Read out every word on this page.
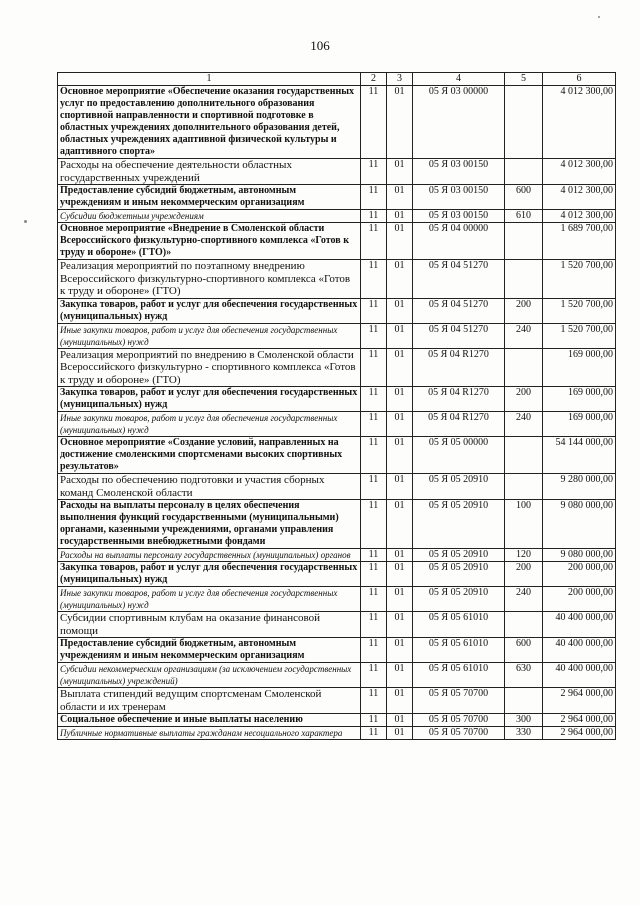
106
1	2	3	4	5	6
Основное мероприятие «Обеспечение оказания государственных услуг по предоставлению дополнительного образования спортивной направленности и спортивной подготовке в областных учреждениях дополнительного образования детей, областных учреждениях адаптивной физической культуры и адаптивного спорта»	11	01	05 Я 03 00000		4 012 300,00
Расходы на обеспечение деятельности областных государственных учреждений	11	01	05 Я 03 00150		4 012 300,00
Предоставление субсидий бюджетным, автономным учреждениям и иным некоммерческим организациям	11	01	05 Я 03 00150	600	4 012 300,00
Субсидии бюджетным учреждениям	11	01	05 Я 03 00150	610	4 012 300,00
Основное мероприятие «Внедрение в Смоленской области Всероссийского физкультурно-спортивного комплекса «Готов к труду и обороне» (ГТО)»	11	01	05 Я 04 00000		1 689 700,00
Реализация мероприятий по поэтапному внедрению Всероссийского физкультурно-спортивного комплекса «Готов к труду и обороне» (ГТО)	11	01	05 Я 04 51270		1 520 700,00
Закупка товаров, работ и услуг для обеспечения государственных (муниципальных) нужд	11	01	05 Я 04 51270	200	1 520 700,00
Иные закупки товаров, работ и услуг для обеспечения государственных (муниципальных) нужд	11	01	05 Я 04 51270	240	1 520 700,00
Реализация мероприятий по внедрению в Смоленской области Всероссийского физкультурно - спортивного комплекса «Готов к труду и обороне» (ГТО)	11	01	05 Я 04 R1270		169 000,00
Закупка товаров, работ и услуг для обеспечения государственных (муниципальных) нужд	11	01	05 Я 04 R1270	200	169 000,00
Иные закупки товаров, работ и услуг для обеспечения государственных (муниципальных) нужд	11	01	05 Я 04 R1270	240	169 000,00
Основное мероприятие «Создание условий, направленных на достижение смоленскими спортсменами высоких спортивных результатов»	11	01	05 Я 05 00000		54 144 000,00
Расходы по обеспечению подготовки и участия сборных команд Смоленской области	11	01	05 Я 05 20910		9 280 000,00
Расходы на выплаты персоналу в целях обеспечения выполнения функций государственными (муниципальными) органами, казенными учреждениями, органами управления государственными внебюджетными фондами	11	01	05 Я 05 20910	100	9 080 000,00
Расходы на выплаты персоналу государственных (муниципальных) органов	11	01	05 Я 05 20910	120	9 080 000,00
Закупка товаров, работ и услуг для обеспечения государственных (муниципальных) нужд	11	01	05 Я 05 20910	200	200 000,00
Иные закупки товаров, работ и услуг для обеспечения государственных (муниципальных) нужд	11	01	05 Я 05 20910	240	200 000,00
Субсидии спортивным клубам на оказание финансовой помощи	11	01	05 Я 05 61010		40 400 000,00
Предоставление субсидий бюджетным, автономным учреждениям и иным некоммерческим организациям	11	01	05 Я 05 61010	600	40 400 000,00
Субсидии некоммерческим организациям (за исключением государственных (муниципальных) учреждений)	11	01	05 Я 05 61010	630	40 400 000,00
Выплата стипендий ведущим спортсменам Смоленской области и их тренерам	11	01	05 Я 05 70700		2 964 000,00
Социальное обеспечение и иные выплаты населению	11	01	05 Я 05 70700	300	2 964 000,00
Публичные нормативные выплаты гражданам несоциального характера	11	01	05 Я 05 70700	330	2 964 000,00
